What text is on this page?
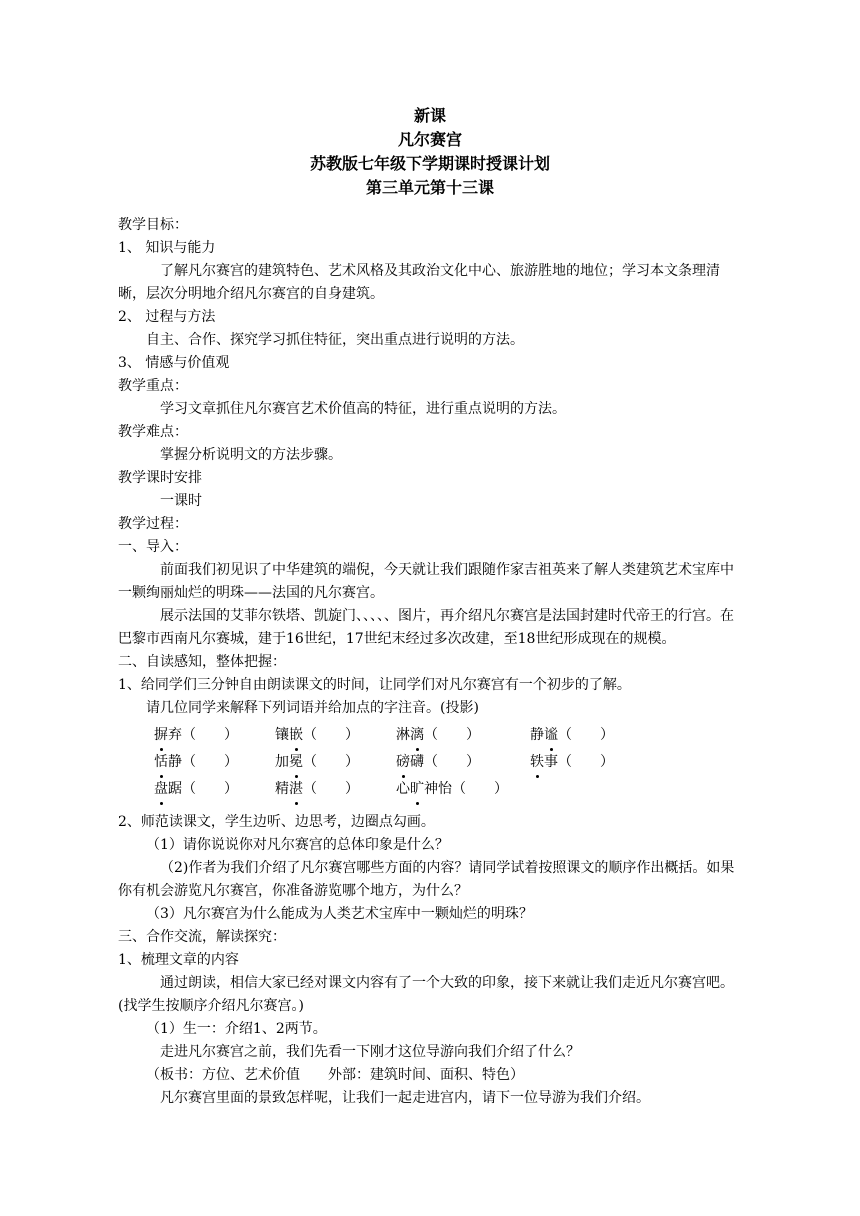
新课
凡尔赛宫
苏教版七年级下学期课时授课计划
第三单元第十三课

教学目标：

1、 知识与能力

了解凡尔赛宫的建筑特色、艺术风格及其政治文化中心、旅游胜地的地位；学习本文条理清晰，层次分明地介绍凡尔赛宫的自身建筑。

2、 过程与方法

自主、合作、探究学习抓住特征，突出重点进行说明的方法。

3、 情感与价值观

教学重点：

学习文章抓住凡尔赛宫艺术价值高的特征，进行重点说明的方法。

教学难点：

掌握分析说明文的方法步骤。

教学课时安排

一课时

教学过程：

一、导入：

前面我们初见识了中华建筑的端倪，今天就让我们跟随作家吉祖英来了解人类建筑艺术宝库中一颗绚丽灿烂的明珠——法国的凡尔赛宫。

展示法国的艾菲尔铁塔、凯旋门、、、、、图片，再介绍凡尔赛宫是法国封建时代帝王的行宫。在巴黎市西南凡尔赛城，建于16世纪，17世纪末经过多次改建，至18世纪形成现在的规模。

二、自读感知，整体把握：

1、给同学们三分钟自由朗读课文的时间，让同学们对凡尔赛宫有一个初步的了解。

请几位同学来解释下列词语并给加点的字注音。(投影)

摒弃（　　）	镶嵌（　　）	淋漓（　　）	静谧（　　）
恬静（　　）	加冕（　　）	磅礴（　　）	轶事（　　）
盘踞（　　）	精湛（　　）	心旷神怡（　　）

2、师范读课文，学生边听、边思考，边圈点勾画。

（1）请你说说你对凡尔赛宫的总体印象是什么？

（2)作者为我们介绍了凡尔赛宫哪些方面的内容？请同学试着按照课文的顺序作出概括。如果你有机会游览凡尔赛宫，你准备游览哪个地方，为什么？

（3）凡尔赛宫为什么能成为人类艺术宝库中一颗灿烂的明珠？

三、合作交流，解读探究：

1、梳理文章的内容

通过朗读，相信大家已经对课文内容有了一个大致的印象，接下来就让我们走近凡尔赛宫吧。(找学生按顺序介绍凡尔赛宫。)

（1）生一：介绍1、2两节。

走进凡尔赛宫之前，我们先看一下刚才这位导游向我们介绍了什么？

（板书：方位、艺术价值　　外部：建筑时间、面积、特色）

凡尔赛宫里面的景致怎样呢，让我们一起走进宫内，请下一位导游为我们介绍。
